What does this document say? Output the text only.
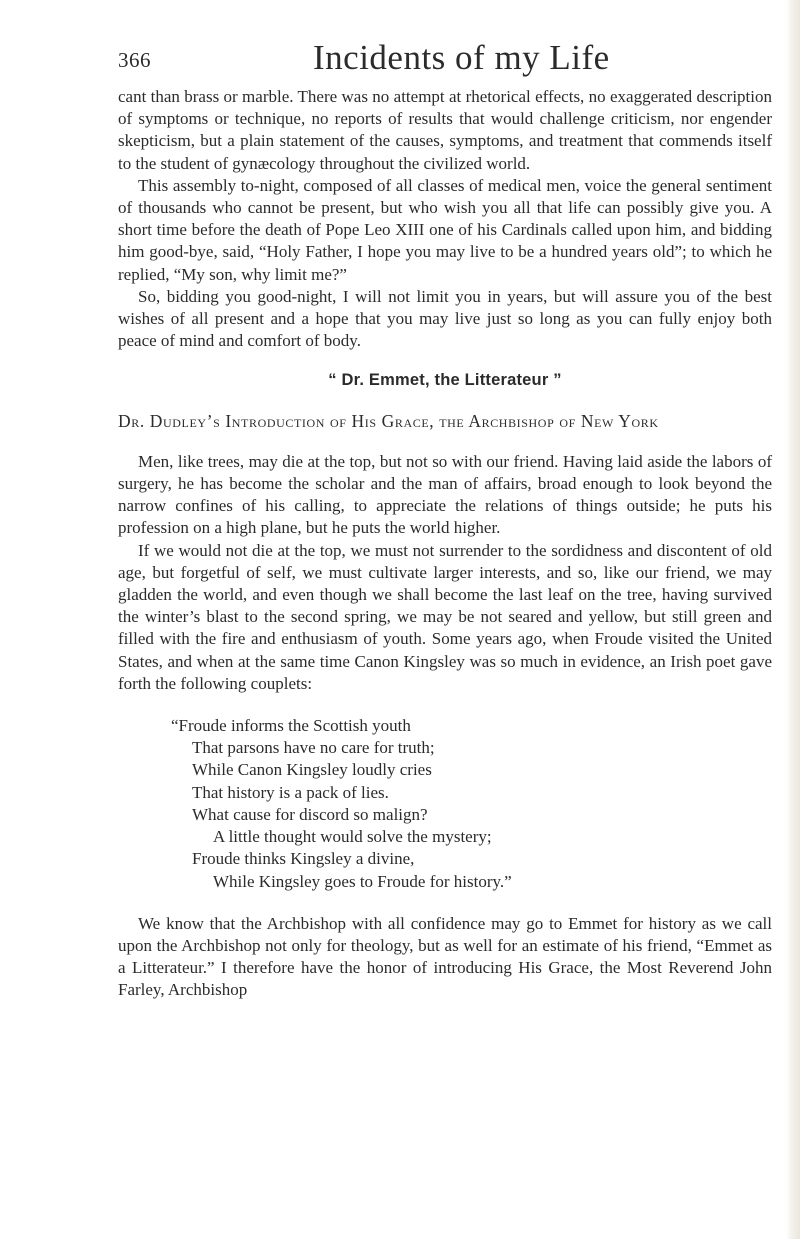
366	Incidents of my Life

cant than brass or marble. There was no attempt at rhetorical effects, no exaggerated description of symptoms or technique, no reports of results that would challenge criticism, nor engender skepticism, but a plain statement of the causes, symptoms, and treatment that commends itself to the student of gynæcology throughout the civilized world.

This assembly to-night, composed of all classes of medical men, voice the general sentiment of thousands who cannot be present, but who wish you all that life can possibly give you. A short time before the death of Pope Leo XIII one of his Cardinals called upon him, and bidding him good-bye, said, “Holy Father, I hope you may live to be a hundred years old”; to which he replied, “My son, why limit me?”

So, bidding you good-night, I will not limit you in years, but will assure you of the best wishes of all present and a hope that you may live just so long as you can fully enjoy both peace of mind and comfort of body.

“ Dr. Emmet, the Litterateur ”
Dr. Dudley’s Introduction of His Grace, the Archbishop of New York

Men, like trees, may die at the top, but not so with our friend. Having laid aside the labors of surgery, he has become the scholar and the man of affairs, broad enough to look beyond the narrow confines of his calling, to appreciate the relations of things outside; he puts his profession on a high plane, but he puts the world higher.

If we would not die at the top, we must not surrender to the sordidness and discontent of old age, but forgetful of self, we must cultivate larger interests, and so, like our friend, we may gladden the world, and even though we shall become the last leaf on the tree, having survived the winter’s blast to the second spring, we may be not seared and yellow, but still green and filled with the fire and enthusiasm of youth. Some years ago, when Froude visited the United States, and when at the same time Canon Kingsley was so much in evidence, an Irish poet gave forth the following couplets:

“Froude informs the Scottish youth
That parsons have no care for truth;
While Canon Kingsley loudly cries
That history is a pack of lies.
What cause for discord so malign?
A little thought would solve the mystery;
Froude thinks Kingsley a divine,
While Kingsley goes to Froude for history.”

We know that the Archbishop with all confidence may go to Emmet for history as we call upon the Archbishop not only for theology, but as well for an estimate of his friend, “Emmet as a Litterateur.” I therefore have the honor of introducing His Grace, the Most Reverend John Farley, Archbishop
